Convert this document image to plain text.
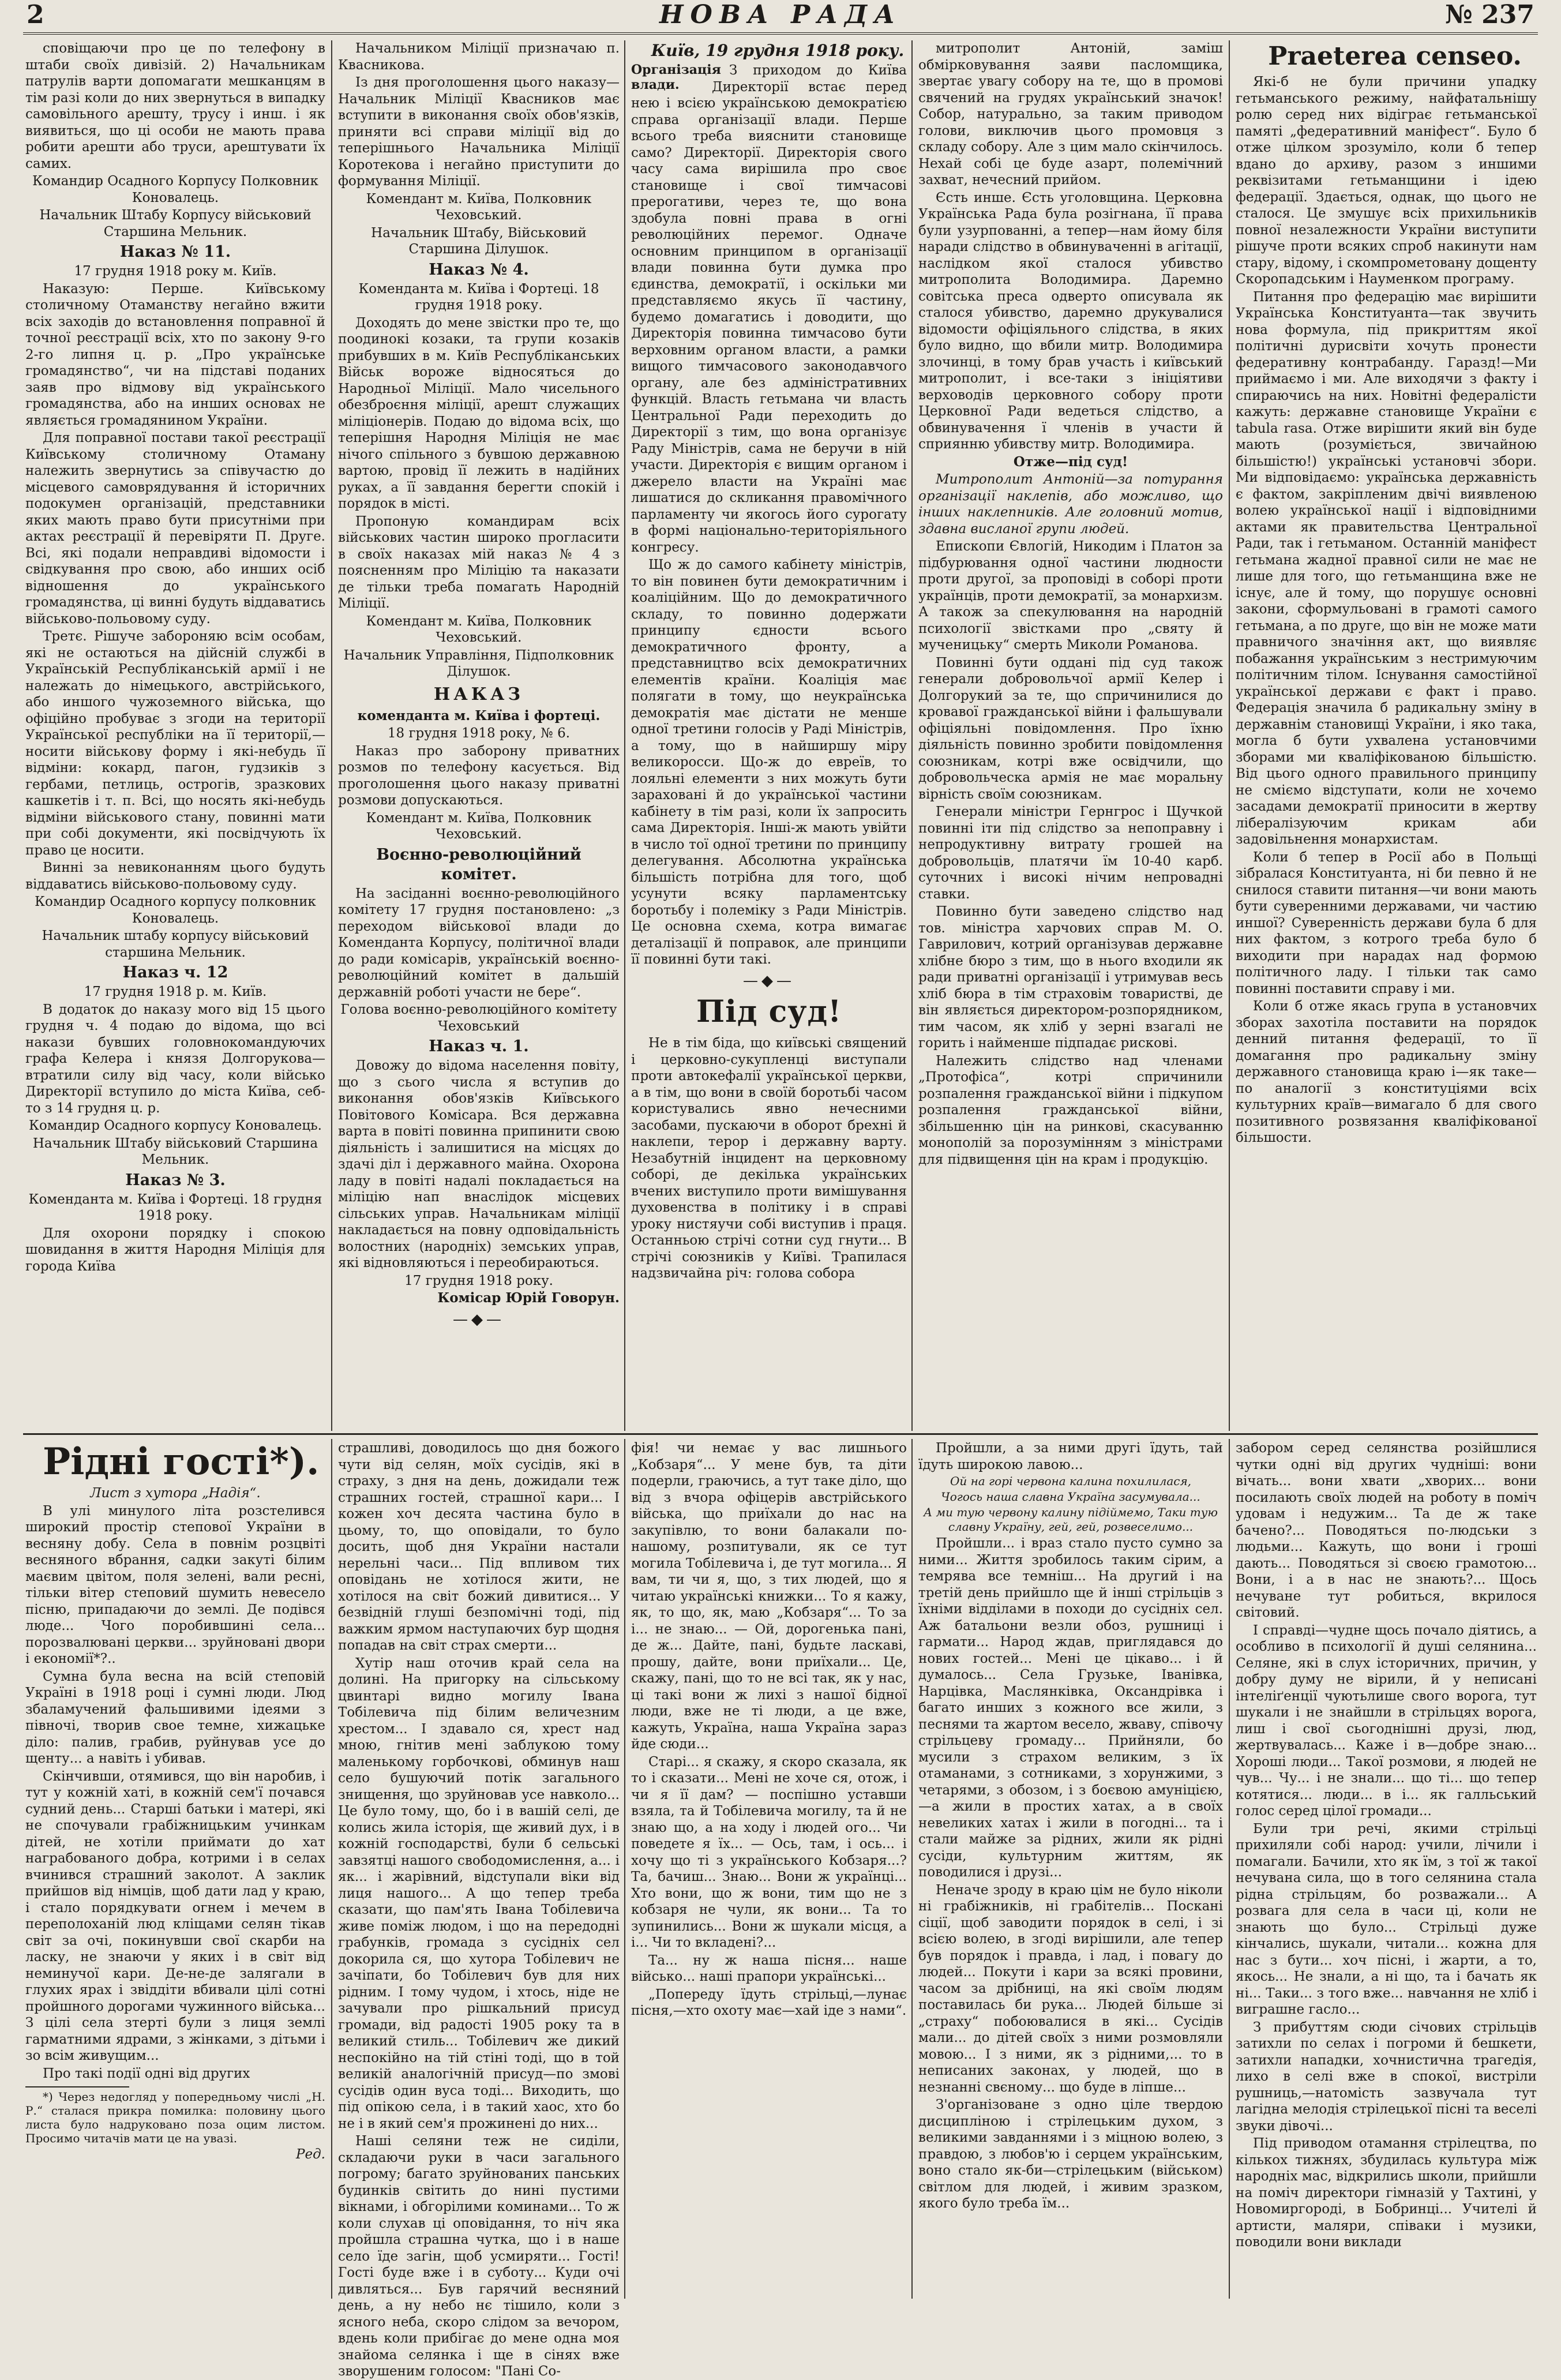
2	НОВА РАДА	№ 237

сповіщаючи про це по телефону в штаби своїх дивізій. 2) Начальникам патрулів варти допомагати мешканцям в тім разі коли до них звернуться в випадку самовільного арешту, трусу і инш. і як виявиться, що ці особи не мають права робити арешти або труси, арештувати їх самих.

Командир Осадного Корпусу Полковник Коновалець.

Начальник Штабу Корпусу військовий Старшина Мельник.

Наказ № 11.

17 грудня 1918 року м. Київ.

Наказую: Перше. Київському столичному Отаманству негайно вжити всіх заходів до встановлення поправної й точної реєстрації всіх, хто по закону 9-го 2-го липня ц. р. „Про українське громадянство“, чи на підставі поданих заяв про відмову від українського громадянства, або на инших основах не являється громадянином України.

Для поправної постави такої реєстрації Київському столичному Отаману належить звернутись за співучастю до місцевого самоврядування й історичних подокумен організацій, представники яких мають право бути присутніми при актах реєстрації й перевіряти П. Друге. Всі, які подали неправдиві відомости і свідкування про свою, або инших осіб відношення до українського громадянства, ці винні будуть віддаватись військово-польовому суду.

Третє. Рішуче забороняю всім особам, які не остаються на дійсній службі в Українській Республіканській армії і не належать до німецького, австрійського, або иншого чужоземного війська, що офіційно пробуває з згоди на території Української республіки на її території,—носити військову форму і які-небудь її відміни: кокард, пагон, гудзиків з гербами, петлиць, острогів, зразкових кашкетів і т. п. Всі, що носять які-небудь відміни військового стану, повинні мати при собі документи, які посвідчують їх право це носити.

Винні за невиконанням цього будуть віддаватись військово-польовому суду.

Командир Осадного корпусу полковник Коновалець.

Начальник штабу корпусу військовий старшина Мельник.

Наказ ч. 12

17 грудня 1918 р. м. Київ.

В додаток до наказу мого від 15 цього грудня ч. 4 подаю до відома, що всі накази бувших головнокомандуючих графа Келера і князя Долгорукова—втратили силу від часу, коли військо Директорії вступило до міста Київа, себ-то з 14 грудня ц. р.

Командир Осадного корпусу Коновалець.

Начальник Штабу військовий Старшина Мельник.

Наказ № 3.

Коменданта м. Київа і Фортеці. 18 грудня 1918 року.

Для охорони порядку і спокою шовидання в життя Народня Міліція для города Київа

Начальником Міліції призначаю п. Квасникова.

Із дня проголошення цього наказу—Начальник Міліції Квасников має вступити в виконання своїх обов'язків, приняти всі справи міліції від до теперішнього Начальника Міліції Коротекова і негайно приступити до формування Міліції.

Комендант м. Київа, Полковник Чеховський.

Начальник Штабу, Військовий Старшина Ділушок.

Наказ № 4.

Коменданта м. Київа і Фортеці. 18 грудня 1918 року.

Доходять до мене звістки про те, що поодинокі козаки, та групи козаків прибувших в м. Київ Республіканських Військ вороже відносяться до Народньої Міліції. Мало чисельного обезброєння міліції, арешт служащих міліціонерів. Подаю до відома всіх, що теперішня Народня Міліція не має нічого спільного з бувшою державною вартою, провід її лежить в надійних руках, а її завдання берегти спокій і порядок в місті.

Пропоную командирам всіх військових частин широко прогласити в своїх наказах мій наказ № 4 з поясненням про Міліцію та наказати де тільки треба помагать Народній Міліції.

Комендант м. Київа, Полковник Чеховський.

Начальник Управління, Підполковник Ділушок.

НАКАЗ

коменданта м. Київа і фортеці.

18 грудня 1918 року, № 6.

Наказ про заборону приватних розмов по телефону касується. Від проголошення цього наказу приватні розмови допускаються.

Комендант м. Київа, Полковник Чеховський.

Воєнно-революційний комітет.

На засіданні воєнно-революційного комітету 17 грудня постановлено: „з переходом військової влади до Коменданта Корпусу, політичної влади до ради комісарів, українській воєнно-революційний комітет в дальшій державній роботі участи не бере“.

Голова воєнно-революційного комітету Чеховський

Наказ ч. 1.

Довожу до відома населення повіту, що з сього числа я вступив до виконання обов'язків Київського Повітового Комісара. Вся державна варта в повіті повинна припинити свою діяльність і залишитися на місцях до здачі діл і державного майна. Охорона ладу в повіті надалі покладається на міліцію нап внаслідок місцевих сільських управ. Начальникам міліції накладається на повну одповідальність волостних (народніх) земських управ, які відновляються і переобираються.

17 грудня 1918 року.

Комісар Юрій Говорун.

—◆—

Київ, 19 грудня 1918 року.

Організація влади.
З приходом до Київа Директорії встає перед нею і всією українською демократією справа організації влади. Перше всього треба вияснити становище само? Директорії. Директорія свого часу сама вирішила про своє становище і свої тимчасові прерогативи, через те, що вона здобула повні права в огні революційних перемог. Одначе основним принципом в організації влади повинна бути думка про єдинства, демократії, і оскільки ми представляємо якусь її частину, будемо домагатись і доводити, що Директорія повинна тимчасово бути верховним органом власти, а рамки вищого тимчасового законодавчого органу, але без адміністративних функцій. Власть гетьмана чи власть Центральної Ради переходить до Директорії з тим, що вона організує Раду Міністрів, сама не беручи в ній участи. Директорія є вищим органом і джерело власти на Україні має лишатися до скликання правомічного парламенту чи якогось його сурогату в формі національно-територіяльного конгресу.

Що ж до самого кабінету міністрів, то він повинен бути демократичним і коаліційним. Що до демократичного складу, то повинно додержати принципу єдности всього демократичного фронту, а представництво всіх демократичних елементів країни. Коаліція має полягати в тому, що неукраїнська демократія має дістати не менше одної третини голосів у Раді Міністрів, а тому, що в найширшу міру великоросси. Що-ж до евреїв, то лояльні елементи з них можуть бути зараховані й до української частини кабінету в тім разі, коли їх запросить сама Директорія. Інші-ж мають увійти в число тої одної третини по принципу делегування. Абсолютна українська більшість потрібна для того, щоб усунути всяку парламентську боротьбу і полеміку з Ради Міністрів. Це основна схема, котра вимагає деталізації й поправок, але принципи її повинні бути такі.

—◆—

Під суд!

Не в тім біда, що київські священий і церковно-сукупленці виступали проти автокефалії української церкви, а в тім, що вони в своїй боротьбі часом користувались явно нечесними засобами, пускаючи в оборот брехні й наклепи, терор і державну варту. Незабутній інцидент на церковному соборі, де декілька українських вчених виступило проти вимішування духовенства в політику і в справі уроку нистяучи собі виступив і праця. Останньою стрічі сотни суд гнути... В стрічі союзників у Київі. Трапилася надзвичайна річ: голова собора

митрополит Антоній, заміш обмірковування заяви пасломщика, звертає увагу собору на те, що в промові свячений на грудях український значок! Собор, натурально, за таким приводом голови, виключив цього промовця з складу собору. Але з цим мало скінчилось. Нехай собі це буде азарт, полемічний захват, нечесний прийом.

Єсть инше. Єсть уголовщина. Церковна Українська Рада була розігнана, її права були узурпованні, а тепер—нам йому біля наради слідство в обвинуваченні в агітації, наслідком якої сталося убивство митрополита Володимира. Даремно совітська преса одверто описувала як сталося убивство, даремно друкувалися відомости офіціяльного слідства, в яких було видно, що вбили митр. Володимира злочинці, в тому брав участь і київський митрополит, і все-таки з ініціятиви верховодів церковного собору проти Церковної Ради ведеться слідство, а обвинувачення ї членів в участи й сприянню убивству митр. Володимира.

Отже—під суд!

Митрополит Антоній—за потурання організації наклепів, або можливо, що інших наклепників. Але головний мотив, здавна висланої групи людей.

Епископи Євлогій, Никодим і Платон за підбурювання одної частини людности проти другої, за проповіді в соборі проти українців, проти демократії, за монархизм. А також за спекулювання на народній психології звістками про „святу й мученицьку“ смерть Миколи Романова.

Повинні бути оддані під суд також генерали добровольчої армії Келер і Долгорукий за те, що спричинилися до кровавої гражданської війни і фальшували офіціяльні повідомлення. Про їхню діяльність повинно зробити повідомлення союзникам, котрі вже освідчили, що добровольческа армія не має моральну вірність своїм союзникам.

Генерали міністри Гернгрос і Щучкой повинні іти під слідство за непоправну і непродуктивну витрату грошей на добровольців, платячи їм 10-40 карб. суточних і високі нічим непровадні ставки.

Повинно бути заведено слідство над тов. міністра харчових справ М. О. Гаврилович, котрий організував державне хлібне бюро з тим, що в нього входили як ради приватні організації і утримував весь хліб бюра в тім страховім товаристві, де він являється директором-розпорядником, тим часом, як хліб у зерні взагалі не горить і найменше підпадає рискові.

Належить слідство над членами „Протофіса“, котрі спричинили розпалення гражданської війни і підкупом розпалення гражданської війни, збільшенню цін на ринкові, скасуванню монополій за порозумінням з міністрами для підвищення цін на крам і продукцію.

Praeterea censeo.

Які-б не були причини упадку гетьманського режиму, найфатальнішу ролю серед них відіграє гетьманської памяті „федеративний маніфест“. Було б отже цілком зрозуміло, коли б тепер вдано до архиву, разом з иншими реквізитами гетьманщини і ідею федерації. Здається, однак, що цього не сталося. Це змушує всіх прихильників повної незалежности України виступити рішуче проти всяких спроб накинути нам стару, відому, і скомпрометовану дощенту Скоропадським і Науменком програму.

Питання про федерацію має вирішити Українська Конституанта—так звучить нова формула, під прикриттям якої політичні дурисвіти хочуть пронести федеративну контрабанду. Гаразд!—Ми приймаємо і ми. Але виходячи з факту і спираючись на них. Новітні федералісти кажуть: державне становище України є tabula rasa. Отже вирішити який він буде мають (розуміється, звичайною більшістю!) українські установчі збори. Ми відповідаємо: українська державність є фактом, закріпленим двічі виявленою волею української нації і відповідними актами як правительства Центральної Ради, так і гетьманом. Останній маніфест гетьмана жадної правної сили не має не лише для того, що гетьманщина вже не існує, але й тому, що порушує основні закони, сформульовані в грамоті самого гетьмана, а по друге, що він не може мати правничого значіння акт, що виявляє побажання українським з нестримуючим політичним тілом. Існування самостійної української держави є факт і право. Федерація значила б радикальну зміну в державнім становищі України, і яко така, могла б бути ухвалена установчими зборами ми кваліфікованою більшістю. Від цього одного правильного принципу не сміємо відступати, коли не хочемо засадами демократії приносити в жертву лібералізуючим крикам аби задовільнення монархистам.

Коли б тепер в Росії або в Польщі зібралася Конституанта, ні би певно й не снилося ставити питання—чи вони мають бути суверенними державами, чи частию иншої? Суверенність держави була б для них фактом, з котрого треба було б виходити при нарадах над формою політичного ладу. І тільки так само повинні поставити справу і ми.

Коли б отже якась група в установчих зборах захотіла поставити на порядок денний питання федерації, то її домагання про радикальну зміну державного становища краю і—як таке—по аналогії з конституціями всіх культурних країв—вимагало б для свого позитивного розвязання кваліфікованої більшости.

Рідні гості*).

Лист з хутора „Надія“.

В улі минулого літа розстелився широкий простір степової України в весняну добу. Села в повнім розцвіті весняного вбрання, садки закуті білим маєвим цвітом, поля зелені, вали ресні, тільки вітер степовий шумить невесело пісню, припадаючи до землі. Де подівся люде... Чого поробившині села... порозвалювані церкви... зруйновані двори і економії*?..

Сумна була весна на всій степовій Україні в 1918 році і сумні люди. Люд збаламучений фальшивими ідеями з півночі, творив свое темне, хижацьке діло: палив, грабив, руйнував усе до щенту... а навіть і убивав.

Скінчивши, отямився, що він наробив, і тут у кожній хаті, в кожній сем'ї почався судний день... Старші батьки і матері, які не спочували грабіжницьким учинкам дітей, не хотіли приймати до хат награбованого добра, котрими і в селах вчинився страшний заколот. А заклик прийшов від німців, щоб дати лад у краю, і стало порядкувати огнем і мечем в переполоханій люд кліщами селян тікав світ за очі, покинувши свої скарби на ласку, не знаючи у яких і в світ від неминучої кари. Де-не-де залягали в глухих ярах і звіддіти вбивали цілі сотні пройшного дорогами чужинного війська... З цілі села зтерті були з лиця землі гарматними ядрами, з жінками, з дітьми і зо всім живущим...

Про такі події одні від других

*) Через недогляд у попередньому числі „Н. Р.“ сталася прикра помилка: половину цього листа було надруковано поза оцим листом. Просимо читачів мати це на увазі.

Ред.

страшливі, доводилось що дня божого чути від селян, моїх сусідів, які в страху, з дня на день, дожидали теж страшних гостей, страшної кари... І кожен хоч десята частина було в цьому, то, що оповідали, то було досить, щоб дня України настали нерельні часи... Під впливом тих оповідань не хотілося жити, не хотілося на світ божий дивитися... У безвідній глуші безпомічні тоді, під важким ярмом наступаючих бур щодня попадав на світ страх смерти...

Хутір наш оточив край села на долині. На пригорку на сільському цвинтарі видно могилу Івана Тобілевича під білим величезним хрестом... І здавало ся, хрест над мною, гнітив мені заблукою тому маленькому горбочкові, обминув наш село бушуючий потік загального знищення, що зруйновав усе навколо... Це було тому, що, бо і в вашій селі, де колись жила історія, ще живий дух, і в кожній господарстві, були б сельські завзятці нашого свободомислення, а... і як... і жарівний, відступали віки від лиця нашого... А що тепер треба сказати, що пам'ять Івана Тобілевича живе поміж людом, і що на передодні грабунків, громада з сусідніх сел докорила ся, що хутора Тобілевич не зачіпати, бо Тобілевич був для них рідним. І тому чудом, і хтось, ніде не зачували про рішкальний присуд громади, від радості 1905 року та в великий стиль... Тобілевич же дикий неспокійно на тій стіні тоді, що в той великій аналогічній присуд—по змові сусідів один вуса тоді... Виходить, що під опікою села, і в такий хаос, хто бо не і в який сем'я прожинені до них...

Наші селяни теж не сиділи, складаючи руки в часи загального погрому; багато зруйнованих панських будинків світить до нині пустими вікнами, і обгорілими коминами... То ж коли слухав ці оповідання, то ніч яка пройшла страшна чутка, що і в наше село їде загін, щоб усмиряти... Гості! Гості буде вже і в суботу... Куди очі дивляться... Був гарячий весняний день, а ну небо нє тішило, коли з ясного неба, скоро слідом за вечором, вдень коли прибігає до мене одна моя знайома селянка і ще в сінях вже зворушеним голосом: "Пані Со-

фія! чи немає у вас лишнього „Кобзаря“... У мене був, та діти подерли, граючись, а тут таке діло, що від з вчора офіцерів австрійського війська, що приїхали до нас на закупівлю, то вони балакали по-нашому, розпитували, як се тут могила Тобілевича і, де тут могила... Я вам, ти чи я, що, з тих людей, що я читаю українські книжки... То я кажу, як, то що, як, маю „Кобзаря“... То за і... не знаю... — Ой, дорогенька пані, де ж... Дайте, пані, будьте ласкаві, прошу, дайте, вони приїхали... Це, скажу, пані, що то не всі так, як у нас, ці такі вони ж лихі з нашої бідної люди, вже не ті люди, а це вже, кажуть, Україна, наша Україна зараз йде сюди...

Старі... я скажу, я скоро сказала, як то і сказати... Мені не хоче ся, отож, і чи я її дам? — поспішно уставши взяла, та й Тобілевича могилу, та й не знаю що, а на ходу і людей ого... Чи поведете я їх... — Ось, там, і ось... і хочу що ті з українського Кобзаря...? Та, бачиш... Знаю... Вони ж українці... Хто вони, що ж вони, тим що не з кобзаря не чули, як вони... Та то зупинились... Вони ж шукали місця, а і... Чи то вкладені?...

Та... ну ж наша пісня... наше військо... наші прапори українські...

„Попереду їдуть стрільці,—лунає пісня,—хто охоту має—хай іде з нами“.

Пройшли, а за ними другі їдуть, тай їдуть широкою лавою...

Ой на горі червона калина похилилася,

Чогось наша славна Україна засумувала...

А ми тую червону калину підіймемо, Таки тую славну Україну, гей, гей, розвеселимо...

Пройшли... і враз стало пусто сумно за ними... Життя зробилось таким сірим, а темрява все темніш... На другий і на третій день прийшло ще й інші стрільців з їхніми відділами в походи до сусідніх сел. Аж батальони везли обоз, рушниці і гармати... Народ ждав, приглядався до нових гостей... Мені це цікаво... і й думалось... Села Грузьке, Іванівка, Нарцівка, Маслянківка, Оксандрівка і багато инших з кожного все жили, з песнями та жартом весело, жваву, співочу стрільцеву громаду... Прийняли, бо мусили з страхом великим, з їх отаманами, з сотниками, з хорунжими, з четарями, з обозом, і з боєвою амуніцією,—а жили в простих хатах, а в своїх невеликих хатах і жили в погодні... та і стали майже за рідних, жили як рідні сусіди, культурним життям, як поводилися і друзі...

Неначе зроду в краю цім не було ніколи ні грабіжників, ні грабітелів... Поскані сіції, щоб заводити порядок в селі, і зі всією волею, в згоді вирішили, але тепер був порядок і правда, і лад, і повагу до людей... Покути і кари за всякі провини, часом за дрібниці, на які своїм людям поставилась би рука... Людей більше зі „страху“ побоювалися в які... Сусідів мали... до дітей своїх з ними розмовляли мовою... І з ними, як з рідними,... то в неписаних законах, у людей, що в незнанні свєному... що буде в ліпше...

З'організоване з одно ціле твердою дисципліною і стрілецьким духом, з великими завданнями і з міцною волею, з правдою, з любов'ю і серцем українським, воно стало як-би—стрілецьким (військом) світлом для людей, і живим зразком, якого було треба їм...

забором серед селянства розійшлися чутки одні від других чудніші: вони вічать... вони хвати „хворих... вони посилають своїх людей на роботу в поміч удовам і недужим... Та де ж таке бачено?... Поводяться по-людськи з людьми... Кажуть, що вони і гроші дають... Поводяться зі своєю грамотою... Вони, і а в нас не знають?... Щось нечуване тут робиться, вкрилося світовий.

І справді—чудне щось почало діятись, а особливо в психології й душі селянина... Селяне, які в слух історичних, причин, у добру думу не вірили, й у неписані інтеліґенції чуютьлише свого ворога, тут шукали і не знайшли в стрільцях ворога, лиш і свої сьогоднішні друзі, люд, жертвувалась... Каже і в—добре знаю... Хороші люди... Такої розмови, я людей не чув... Чу... і не знали... що ті... що тепер котятися... люди... в і... як галльський голос серед цілої громади...

Були три речі, якими стрільці прихиляли собі народ: учили, лічили і помагали. Бачили, хто як їм, з тої ж такої нечувана сила, що в того селянина стала рідна стрільцям, бо розважали... А розвага для села в часи ці, коли не знають що було... Стрільці дуже кінчались, шукали, читали... кожна для нас з бути... хоч пісні, і жарти, а то, якось... Не знали, а ні що, та і бачать як ні... Таки... з того вже... навчання не хліб і виграшне гасло...

З прибуттям сюди січових стрільців затихли по селах і погроми й бешкети, затихли нападки, хочнистична трагедія, лихо в селі вже в спокої, вистріли рушниць,—натомість зазвучала тут лагідна мелодія стрілецької пісні та веселі звуки дівочі...

Під приводом отамання стрілецтва, по кількох тижнях, збудилась культура між народніх мас, відкрились школи, прийшли на поміч директори гімназій у Тахтині, у Новомиргороді, в Бобринці... Учителі й артисти, маляри, співаки і музики, поводили вони виклади
